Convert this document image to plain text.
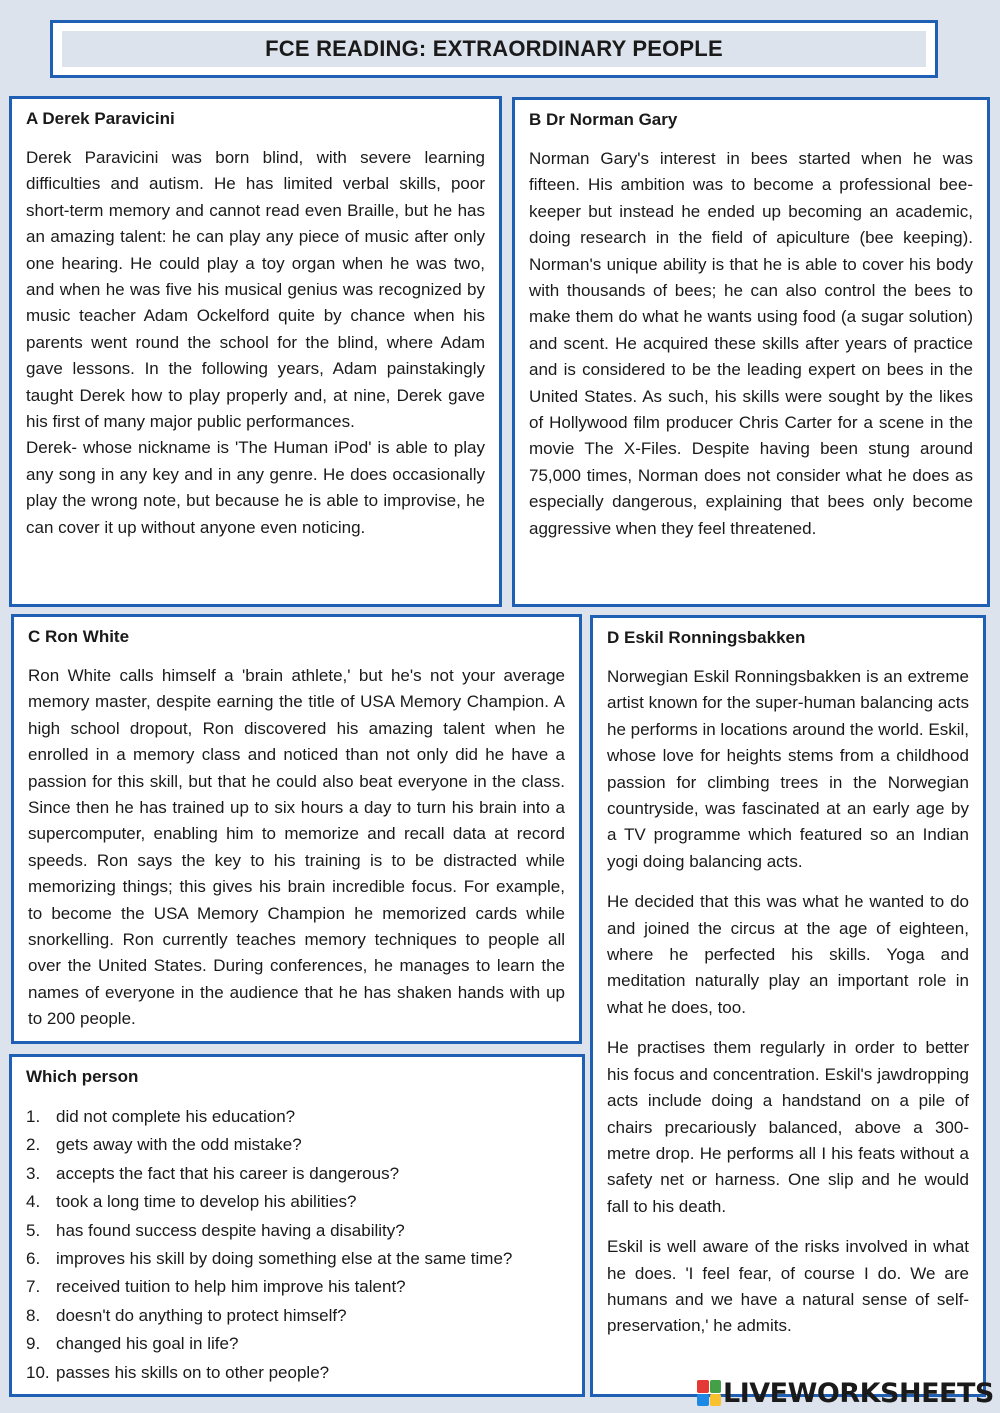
FCE READING: EXTRAORDINARY PEOPLE
A Derek Paravicini

Derek Paravicini was born blind, with severe learning difficulties and autism. He has limited verbal skills, poor short-term memory and cannot read even Braille, but he has an amazing talent: he can play any piece of music after only one hearing. He could play a toy organ when he was two, and when he was five his musical genius was recognized by music teacher Adam Ockelford quite by chance when his parents went round the school for the blind, where Adam gave lessons. In the following years, Adam painstakingly taught Derek how to play properly and, at nine, Derek gave his first of many major public performances.

Derek- whose nickname is 'The Human iPod' is able to play any song in any key and in any genre. He does occasionally play the wrong note, but because he is able to improvise, he can cover it up without anyone even noticing.

B Dr Norman Gary

Norman Gary's interest in bees started when he was fifteen. His ambition was to become a professional bee-keeper but instead he ended up becoming an academic, doing research in the field of apiculture (bee keeping). Norman's unique ability is that he is able to cover his body with thousands of bees; he can also control the bees to make them do what he wants using food (a sugar solution) and scent. He acquired these skills after years of practice and is considered to be the leading expert on bees in the United States. As such, his skills were sought by the likes of Hollywood film producer Chris Carter for a scene in the movie The X-Files. Despite having been stung around 75,000 times, Norman does not consider what he does as especially dangerous, explaining that bees only become aggressive when they feel threatened.

C Ron White

Ron White calls himself a 'brain athlete,' but he's not your average memory master, despite earning the title of USA Memory Champion. A high school dropout, Ron discovered his amazing talent when he enrolled in a memory class and noticed than not only did he have a passion for this skill, but that he could also beat everyone in the class. Since then he has trained up to six hours a day to turn his brain into a supercomputer, enabling him to memorize and recall data at record speeds. Ron says the key to his training is to be distracted while memorizing things; this gives his brain incredible focus. For example, to become the USA Memory Champion he memorized cards while snorkelling. Ron currently teaches memory techniques to people all over the United States. During conferences, he manages to learn the names of everyone in the audience that he has shaken hands with up to 200 people.

D Eskil Ronningsbakken

Norwegian Eskil Ronningsbakken is an extreme artist known for the super-human balancing acts he performs in locations around the world. Eskil, whose love for heights stems from a childhood passion for climbing trees in the Norwegian countryside, was fascinated at an early age by a TV programme which featured so an Indian yogi doing balancing acts.

He decided that this was what he wanted to do and joined the circus at the age of eighteen, where he perfected his skills. Yoga and meditation naturally play an important role in what he does, too.

He practises them regularly in order to better his focus and concentration. Eskil's jawdropping acts include doing a handstand on a pile of chairs precariously balanced, above a 300-metre drop. He performs all I his feats without a safety net or harness. One slip and he would fall to his death.

Eskil is well aware of the risks involved in what he does. 'I feel fear, of course I do. We are humans and we have a natural sense of self-preservation,' he admits.

Which person
1. did not complete his education?
2. gets away with the odd mistake?
3. accepts the fact that his career is dangerous?
4. took a long time to develop his abilities?
5. has found success despite having a disability?
6. improves his skill by doing something else at the same time?
7. received tuition to help him improve his talent?
8. doesn't do anything to protect himself?
9. changed his goal in life?
10. passes his skills on to other people?
LIVEWORKSHEETS
